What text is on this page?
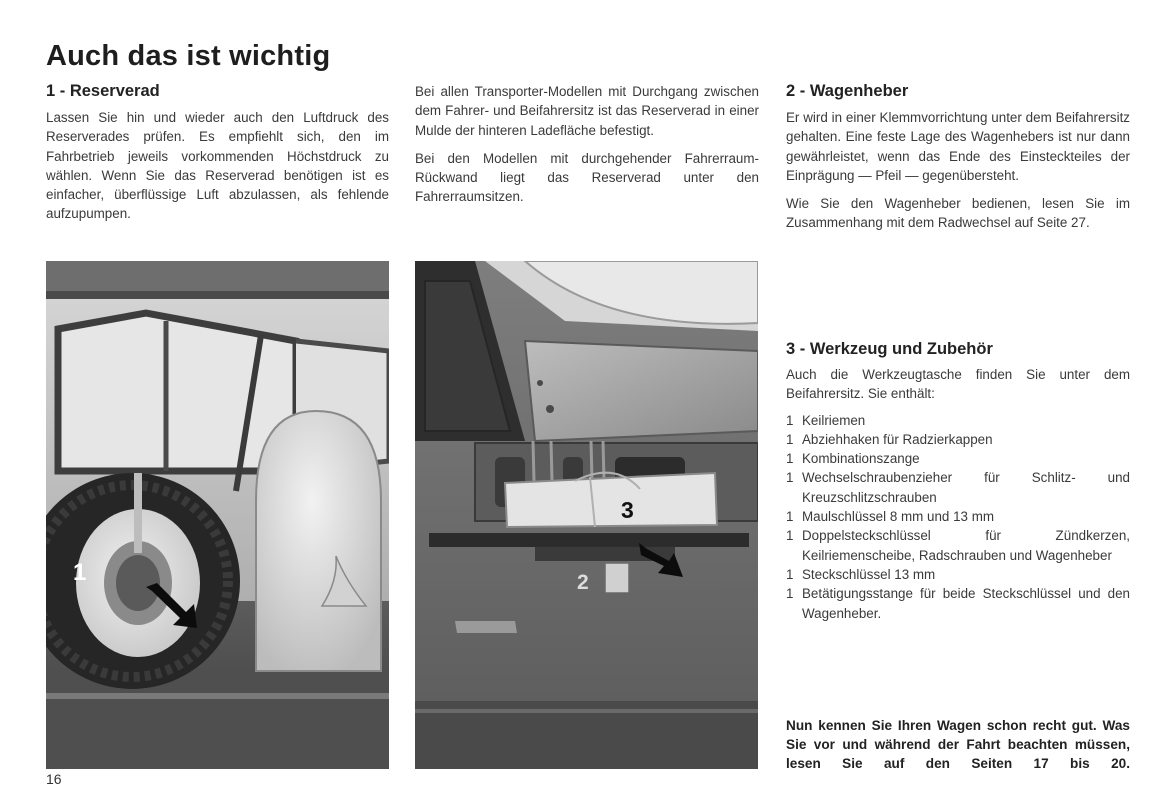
Auch das ist wichtig
1 - Reserverad

Lassen Sie hin und wieder auch den Luftdruck des Reserverades prüfen. Es empfiehlt sich, den im Fahrbetrieb jeweils vorkommenden Höchstdruck zu wählen. Wenn Sie das Reserverad benötigen ist es einfacher, überflüssige Luft abzulassen, als fehlende aufzupumpen.

Bei allen Transporter-Modellen mit Durchgang zwischen dem Fahrer- und Beifahrersitz ist das Reserverad in einer Mulde der hinteren Ladefläche befestigt.

Bei den Modellen mit durchgehender Fahrerraum-Rückwand liegt das Reserverad unter den Fahrerraumsitzen.

2 - Wagenheber

Er wird in einer Klemmvorrichtung unter dem Beifahrersitz gehalten. Eine feste Lage des Wagenhebers ist nur dann gewährleistet, wenn das Ende des Einsteckteiles der Einprägung — Pfeil — gegenübersteht.

Wie Sie den Wagenheber bedienen, lesen Sie im Zusammenhang mit dem Radwechsel auf Seite 27.

3 - Werkzeug und Zubehör

Auch die Werkzeugtasche finden Sie unter dem Beifahrersitz. Sie enthält:

1 Keilriemen
1 Abziehhaken für Radzierkappen
1 Kombinationszange
1 Wechselschraubenzieher für Schlitz- und Kreuzschlitzschrauben
1 Maulschlüssel 8 mm und 13 mm
1 Doppelsteckschlüssel für Zündkerzen, Keilriemenscheibe, Radschrauben und Wagenheber
1 Steckschlüssel 13 mm
1 Betätigungsstange für beide Steckschlüssel und den Wagenheber.
Nun kennen Sie Ihren Wagen schon recht gut. Was Sie vor und während der Fahrt beachten müssen, lesen Sie auf den Seiten 17 bis 20.
1
3
2
16
